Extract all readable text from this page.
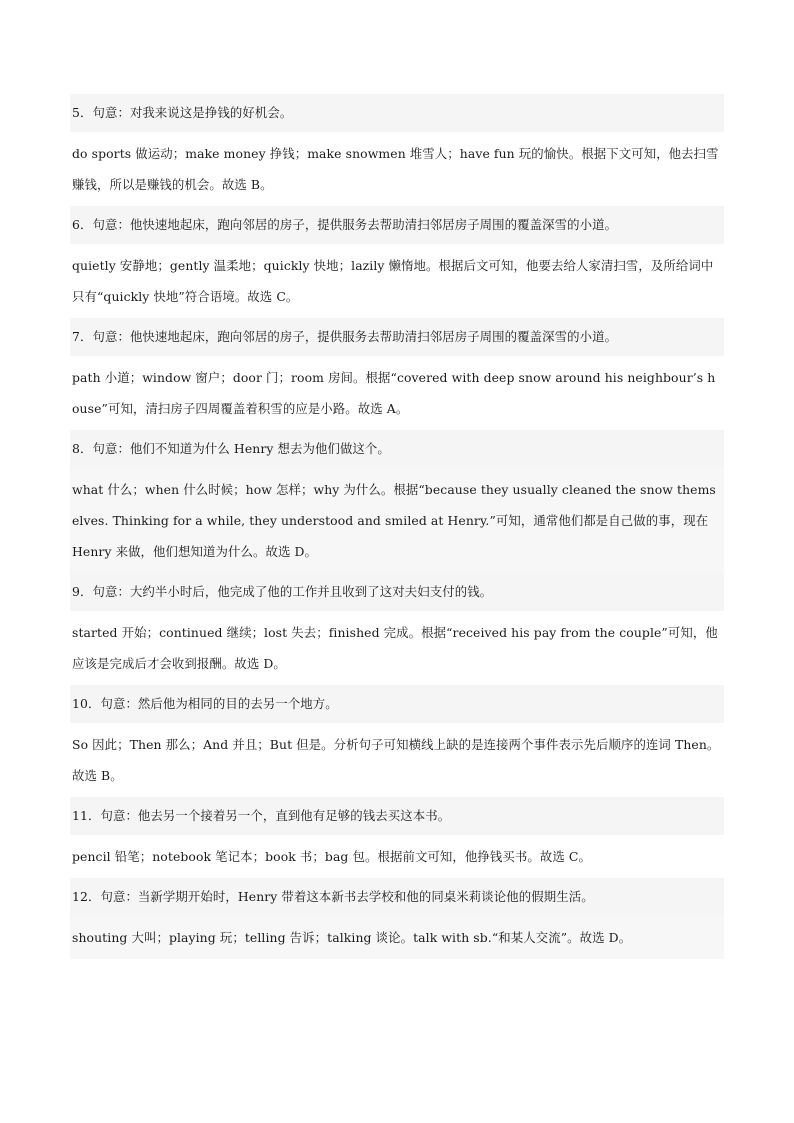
5．句意：对我来说这是挣钱的好机会。

do sports 做运动；make money 挣钱；make snowmen 堆雪人；have fun 玩的愉快。根据下文可知，他去扫雪赚钱，所以是赚钱的机会。故选 B。

6．句意：他快速地起床，跑向邻居的房子，提供服务去帮助清扫邻居房子周围的覆盖深雪的小道。

quietly 安静地；gently 温柔地；quickly 快地；lazily 懒惰地。根据后文可知，他要去给人家清扫雪，及所给词中只有“quickly 快地”符合语境。故选 C。

7．句意：他快速地起床，跑向邻居的房子，提供服务去帮助清扫邻居房子周围的覆盖深雪的小道。

path 小道；window 窗户；door 门；room 房间。根据“covered with deep snow around his neighbour’s house”可知，清扫房子四周覆盖着积雪的应是小路。故选 A。

8．句意：他们不知道为什么 Henry 想去为他们做这个。

what 什么；when 什么时候；how 怎样；why 为什么。根据“because they usually cleaned the snow themselves. Thinking for a while, they understood and smiled at Henry.”可知，通常他们都是自己做的事，现在 Henry 来做，他们想知道为什么。故选 D。

9．句意：大约半小时后，他完成了他的工作并且收到了这对夫妇支付的钱。

started 开始；continued 继续；lost 失去；finished 完成。根据“received his pay from the couple”可知，他应该是完成后才会收到报酬。故选 D。

10．句意：然后他为相同的目的去另一个地方。

So 因此；Then 那么；And 并且；But 但是。分析句子可知横线上缺的是连接两个事件表示先后顺序的连词 Then。故选 B。

11．句意：他去另一个接着另一个，直到他有足够的钱去买这本书。

pencil 铅笔；notebook 笔记本；book 书；bag 包。根据前文可知，他挣钱买书。故选 C。

12．句意：当新学期开始时，Henry 带着这本新书去学校和他的同桌米莉谈论他的假期生活。

shouting 大叫；playing 玩；telling 告诉；talking 谈论。talk with sb.“和某人交流”。故选 D。
